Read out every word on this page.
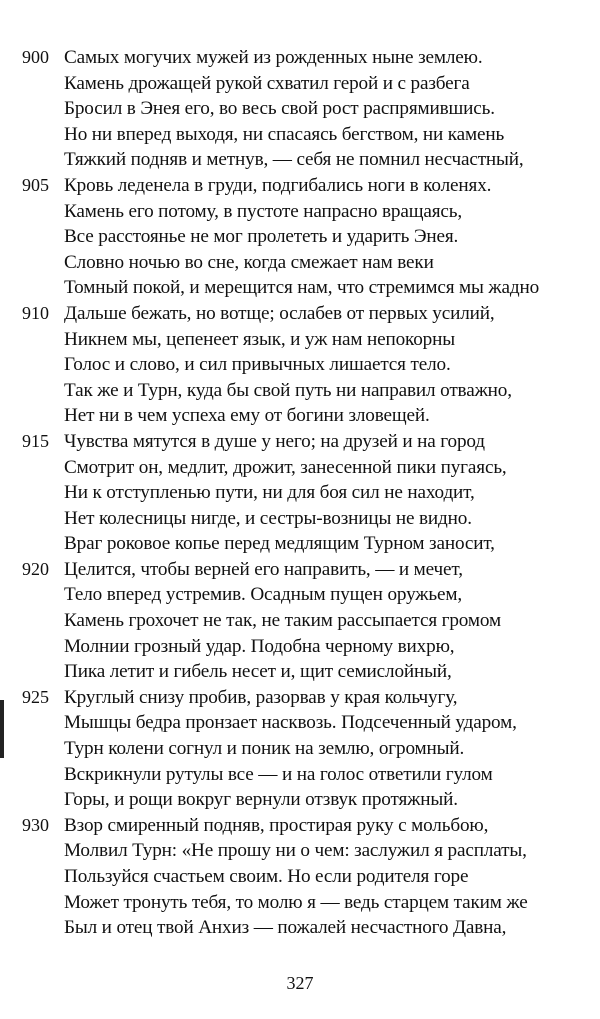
900 Самых могучих мужей из рожденных ныне землею.
Камень дрожащей рукой схватил герой и с разбега
Бросил в Энея его, во весь свой рост распрямившись.
Но ни вперед выходя, ни спасаясь бегством, ни камень
Тяжкий подняв и метнув, — себя не помнил несчастный,
905 Кровь леденела в груди, подгибались ноги в коленях.
Камень его потому, в пустоте напрасно вращаясь,
Все расстоянье не мог пролететь и ударить Энея.
Словно ночью во сне, когда смежает нам веки
Томный покой, и мерещится нам, что стремимся мы жадно
910 Дальше бежать, но вотще; ослабев от первых усилий,
Никнем мы, цепенеет язык, и уж нам непокорны
Голос и слово, и сил привычных лишается тело.
Так же и Турн, куда бы свой путь ни направил отважно,
Нет ни в чем успеха ему от богини зловещей.
915 Чувства мятутся в душе у него; на друзей и на город
Смотрит он, медлит, дрожит, занесенной пики пугаясь,
Ни к отступленью пути, ни для боя сил не находит,
Нет колесницы нигде, и сестры-возницы не видно.
Враг роковое копье перед медлящим Турном заносит,
920 Целится, чтобы верней его направить, — и мечет,
Тело вперед устремив. Осадным пущен оружьем,
Камень грохочет не так, не таким рассыпается громом
Молнии грозный удар. Подобна черному вихрю,
Пика летит и гибель несет и, щит семислойный,
925 Круглый снизу пробив, разорвав у края кольчугу,
Мышцы бедра пронзает насквозь. Подсеченный ударом,
Турн колени согнул и поник на землю, огромный.
Вскрикнули рутулы все — и на голос ответили гулом
Горы, и рощи вокруг вернули отзвук протяжный.
930 Взор смиренный подняв, простирая руку с мольбою,
Молвил Турн: «Не прошу ни о чем: заслужил я расплаты,
Пользуйся счастьем своим. Но если родителя горе
Может тронуть тебя, то молю я — ведь старцем таким же
Был и отец твой Анхиз — пожалей несчастного Давна,
327
